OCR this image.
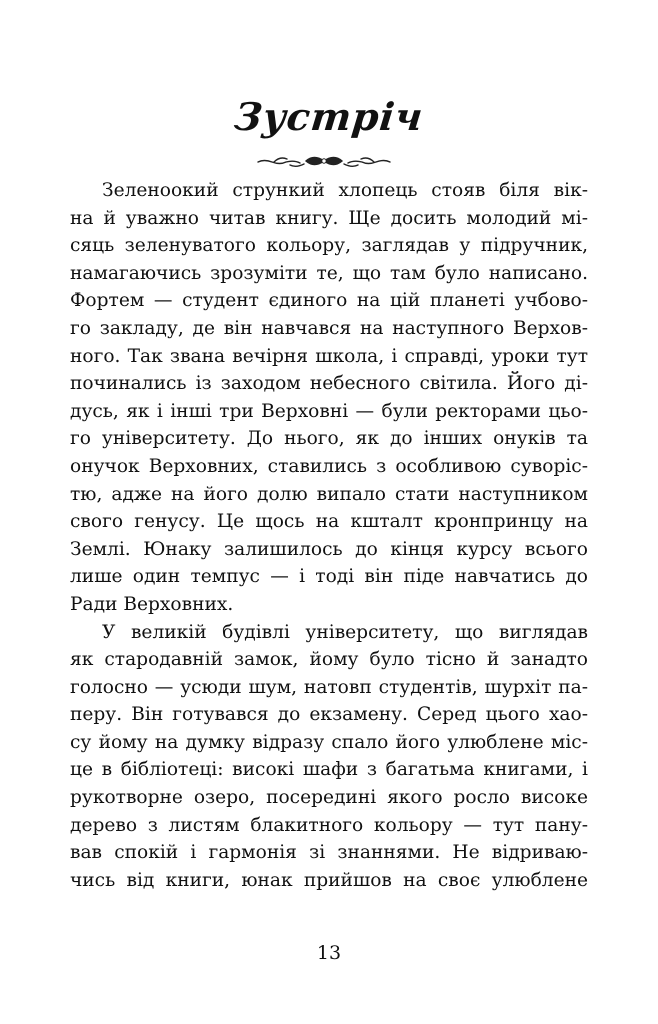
Зустріч
Зеленоокий стрункий хлопець стояв біля вік-
на й уважно читав книгу. Ще досить молодий мі-
сяць зеленуватого кольору, заглядав у підручник,
намагаючись зрозуміти те, що там було написано.
Фортем — студент єдиного на цій планеті учбово-
го закладу, де він навчався на наступного Верхов-
ного. Так звана вечірня школа, і справді, уроки тут
починались із заходом небесного світила. Його ді-
дусь, як і інші три Верховні — були ректорами цьо-
го університету. До нього, як до інших онуків та
онучок Верховних, ставились з особливою суворіс-
тю, адже на його долю випало стати наступником
свого генусу. Це щось на кшталт кронпринцу на
Землі. Юнаку залишилось до кінця курсу всього
лише один темпус — і тоді він піде навчатись до
Ради Верховних.
У великій будівлі університету, що виглядав
як стародавній замок, йому було тісно й занадто
голосно — усюди шум, натовп студентів, шурхіт па-
перу. Він готувався до екзамену. Серед цього хао-
су йому на думку відразу спало його улюблене міс-
це в бібліотеці: високі шафи з багатьма книгами, і
рукотворне озеро, посередині якого росло високе
дерево з листям блакитного кольору — тут пану-
вав спокій і гармонія зі знаннями. Не відриваю-
чись від книги, юнак прийшов на своє улюблене
13
